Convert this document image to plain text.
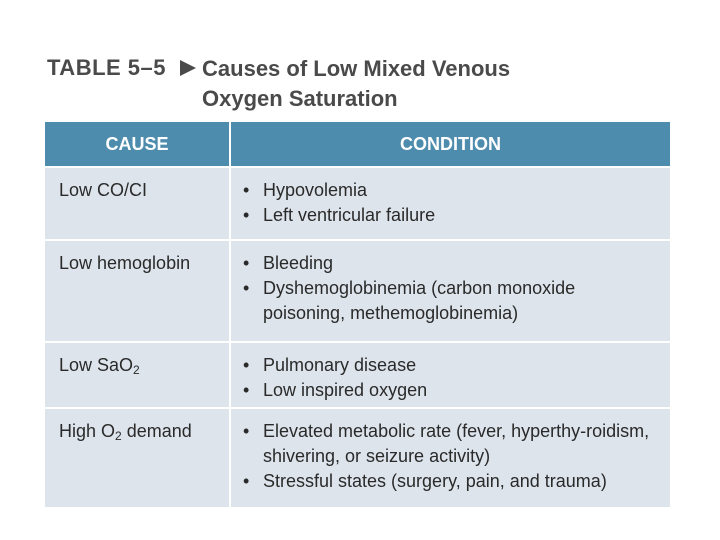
TABLE 5–5 Causes of Low Mixed Venous Oxygen Saturation
CAUSE	CONDITION
Low CO/CI	• Hypovolemia
• Left ventricular failure
Low hemoglobin	• Bleeding
• Dyshemoglobinemia (carbon monoxide poisoning, methemoglobinemia)
Low SaO$_2$	• Pulmonary disease
• Low inspired oxygen
High $O_2$ demand	• Elevated metabolic rate (fever, hyperthy-roidism, shivering, or seizure activity)
• Stressful states (surgery, pain, and trauma)
